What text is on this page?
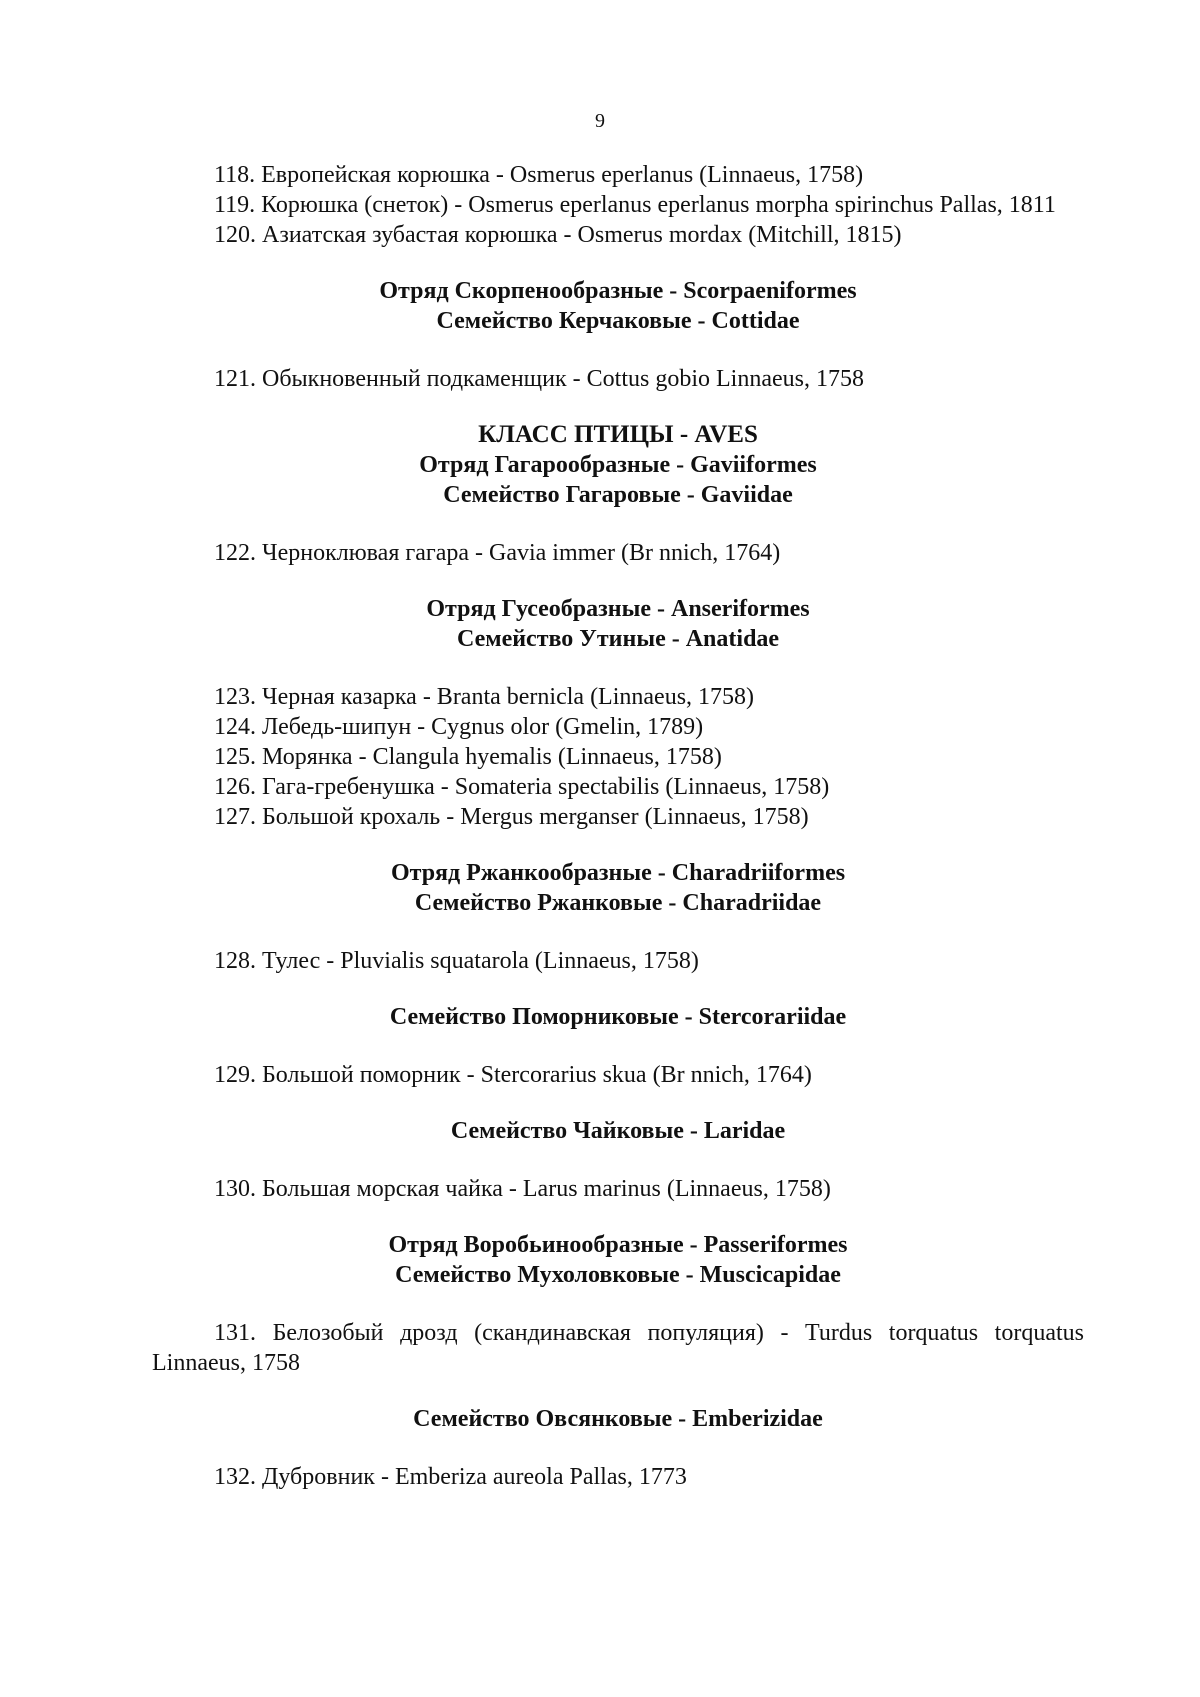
9

118. Европейская корюшка - Osmerus eperlanus (Linnaeus, 1758)

119. Корюшка (снеток) - Osmerus eperlanus eperlanus morpha spirinchus Pallas, 1811

120. Азиатская зубастая корюшка - Osmerus mordax (Mitchill, 1815)

Отряд Скорпенообразные - Scorpaeniformes
Семейство Керчаковые - Cottidae

121. Обыкновенный подкаменщик - Cottus gobio Linnaeus, 1758

КЛАСС ПТИЦЫ - AVES
Отряд Гагарообразные - Gaviiformes
Семейство Гагаровые - Gaviidae

122. Черноклювая гагара - Gavia immer (Br nnich, 1764)

Отряд Гусеобразные - Anseriformes
Семейство Утиные - Anatidae

123. Черная казарка - Branta bernicla (Linnaeus, 1758)

124. Лебедь-шипун - Cygnus olor (Gmelin, 1789)

125. Морянка - Clangula hyemalis (Linnaeus, 1758)

126. Гага-гребенушка - Somateria spectabilis (Linnaeus, 1758)

127. Большой крохаль - Mergus merganser (Linnaeus, 1758)

Отряд Ржанкообразные - Charadriiformes
Семейство Ржанковые - Charadriidae

128. Тулес - Pluvialis squatarola (Linnaeus, 1758)

Семейство Поморниковые - Stercorariidae

129. Большой поморник - Stercorarius skua (Br nnich, 1764)

Семейство Чайковые - Laridae

130. Большая морская чайка - Larus marinus (Linnaeus, 1758)

Отряд Воробьинообразные - Passeriformes
Семейство Мухоловковые - Muscicapidae

131. Белозобый дрозд (скандинавская популяция) - Turdus torquatus torquatus Linnaeus, 1758

Семейство Овсянковые - Emberizidae

132. Дубровник - Emberiza aureola Pallas, 1773
